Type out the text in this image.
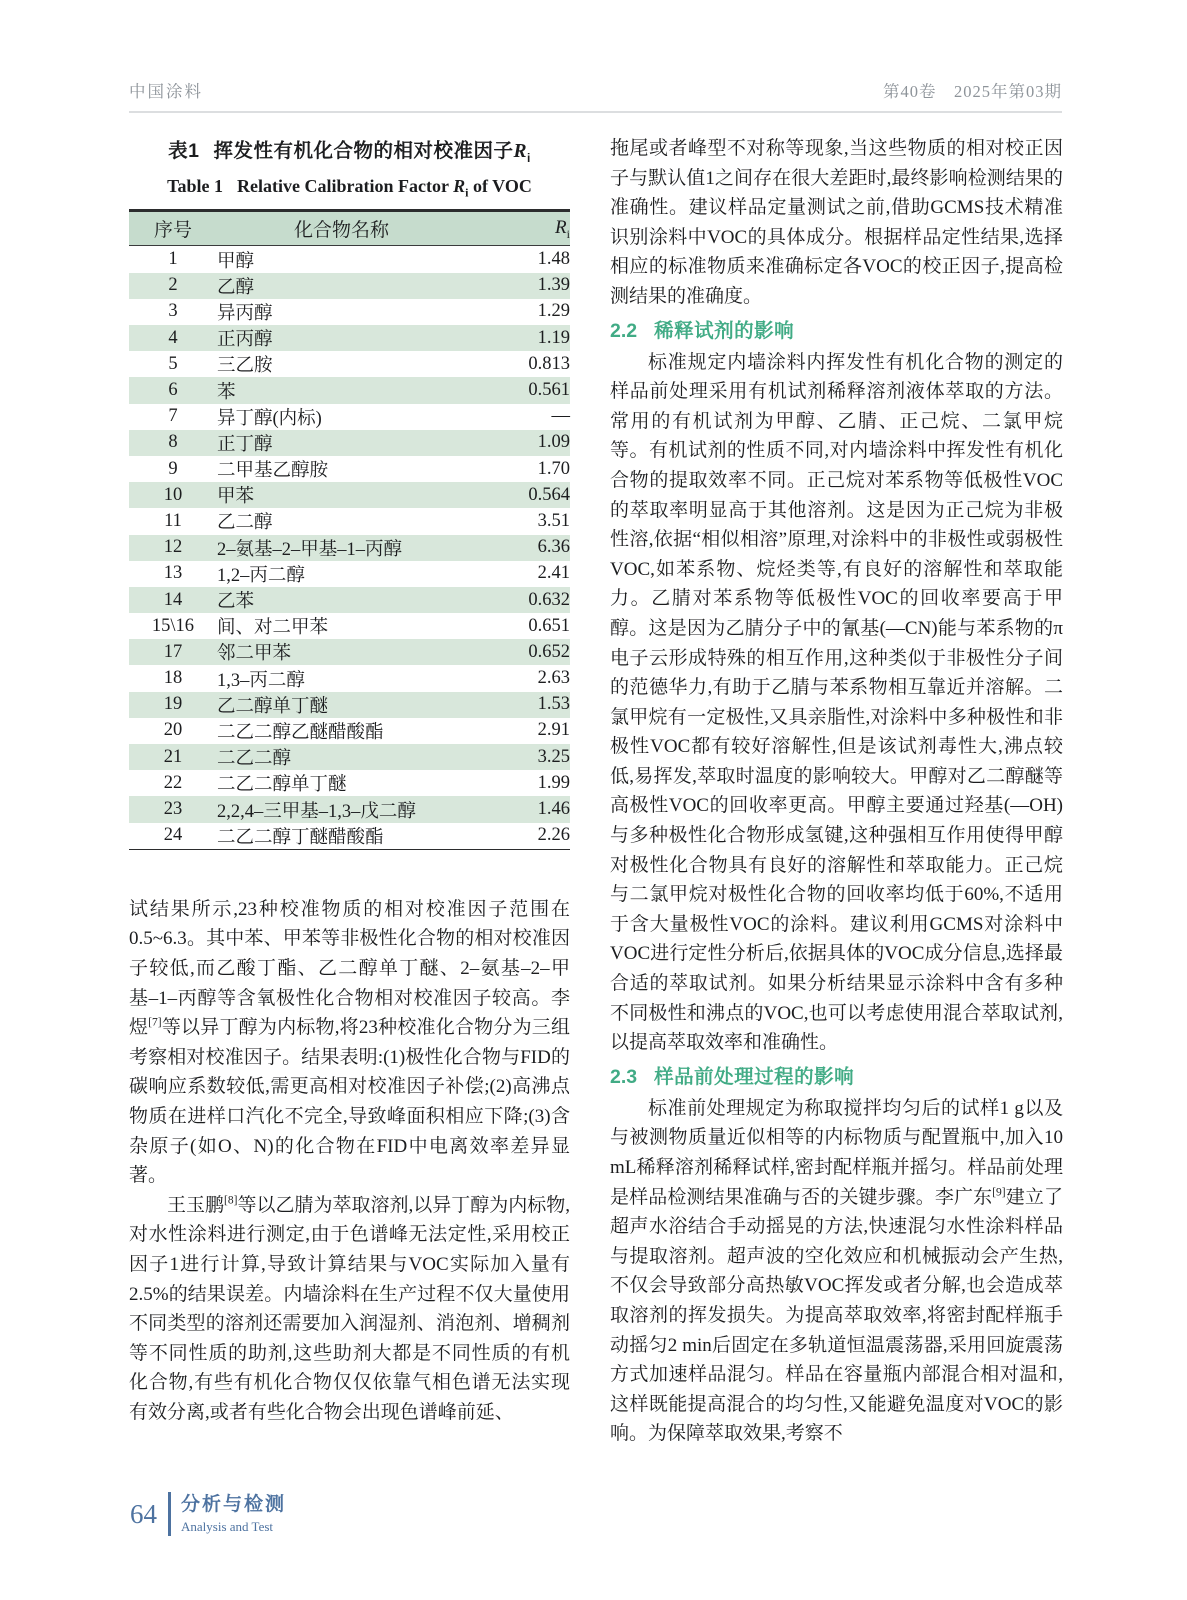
中国涂料	第40卷　2025年第03期
表1 挥发性有机化合物的相对校准因子$R_i$
Table 1 Relative Calibration Factor $R_i$ of VOC
序号	化合物名称	$R_i$
1	甲醇	1.48
2	乙醇	1.39
3	异丙醇	1.29
4	正丙醇	1.19
5	三乙胺	0.813
6	苯	0.561
7	异丁醇(内标)	—
8	正丁醇	1.09
9	二甲基乙醇胺	1.70
10	甲苯	0.564
11	乙二醇	3.51
12	2–氨基–2–甲基–1–丙醇	6.36
13	1,2–丙二醇	2.41
14	乙苯	0.632
15\16	间、对二甲苯	0.651
17	邻二甲苯	0.652
18	1,3–丙二醇	2.63
19	乙二醇单丁醚	1.53
20	二乙二醇乙醚醋酸酯	2.91
21	二乙二醇	3.25
22	二乙二醇单丁醚	1.99
23	2,2,4–三甲基–1,3–戊二醇	1.46
24	二乙二醇丁醚醋酸酯	2.26

试结果所示,23种校准物质的相对校准因子范围在0.5~6.3。其中苯、甲苯等非极性化合物的相对校准因子较低,而乙酸丁酯、乙二醇单丁醚、2–氨基–2–甲基–1–丙醇等含氧极性化合物相对校准因子较高。李煜[7]等以异丁醇为内标物,将23种校准化合物分为三组考察相对校准因子。结果表明:(1)极性化合物与FID的碳响应系数较低,需更高相对校准因子补偿;(2)高沸点物质在进样口汽化不完全,导致峰面积相应下降;(3)含杂原子(如O、N)的化合物在FID中电离效率差异显著。

王玉鹏[8]等以乙腈为萃取溶剂,以异丁醇为内标物,对水性涂料进行测定,由于色谱峰无法定性,采用校正因子1进行计算,导致计算结果与VOC实际加入量有2.5%的结果误差。内墙涂料在生产过程不仅大量使用不同类型的溶剂还需要加入润湿剂、消泡剂、增稠剂等不同性质的助剂,这些助剂大都是不同性质的有机化合物,有些有机化合物仅仅依靠气相色谱无法实现有效分离,或者有些化合物会出现色谱峰前延、

拖尾或者峰型不对称等现象,当这些物质的相对校正因子与默认值1之间存在很大差距时,最终影响检测结果的准确性。建议样品定量测试之前,借助GCMS技术精准识别涂料中VOC的具体成分。根据样品定性结果,选择相应的标准物质来准确标定各VOC的校正因子,提高检测结果的准确度。

2.2 稀释试剂的影响

标准规定内墙涂料内挥发性有机化合物的测定的样品前处理采用有机试剂稀释溶剂液体萃取的方法。常用的有机试剂为甲醇、乙腈、正己烷、二氯甲烷等。有机试剂的性质不同,对内墙涂料中挥发性有机化合物的提取效率不同。正己烷对苯系物等低极性VOC的萃取率明显高于其他溶剂。这是因为正己烷为非极性溶,依据“相似相溶”原理,对涂料中的非极性或弱极性VOC,如苯系物、烷烃类等,有良好的溶解性和萃取能力。乙腈对苯系物等低极性VOC的回收率要高于甲醇。这是因为乙腈分子中的氰基(—CN)能与苯系物的π电子云形成特殊的相互作用,这种类似于非极性分子间的范德华力,有助于乙腈与苯系物相互靠近并溶解。二氯甲烷有一定极性,又具亲脂性,对涂料中多种极性和非极性VOC都有较好溶解性,但是该试剂毒性大,沸点较低,易挥发,萃取时温度的影响较大。甲醇对乙二醇醚等高极性VOC的回收率更高。甲醇主要通过羟基(—OH)与多种极性化合物形成氢键,这种强相互作用使得甲醇对极性化合物具有良好的溶解性和萃取能力。正己烷与二氯甲烷对极性化合物的回收率均低于60%,不适用于含大量极性VOC的涂料。建议利用GCMS对涂料中VOC进行定性分析后,依据具体的VOC成分信息,选择最合适的萃取试剂。如果分析结果显示涂料中含有多种不同极性和沸点的VOC,也可以考虑使用混合萃取试剂,以提高萃取效率和准确性。

2.3 样品前处理过程的影响

标准前处理规定为称取搅拌均匀后的试样1 g以及与被测物质量近似相等的内标物质与配置瓶中,加入10 mL稀释溶剂稀释试样,密封配样瓶并摇匀。样品前处理是样品检测结果准确与否的关键步骤。李广东[9]建立了超声水浴结合手动摇晃的方法,快速混匀水性涂料样品与提取溶剂。超声波的空化效应和机械振动会产生热,不仅会导致部分高热敏VOC挥发或者分解,也会造成萃取溶剂的挥发损失。为提高萃取效率,将密封配样瓶手动摇匀2 min后固定在多轨道恒温震荡器,采用回旋震荡方式加速样品混匀。样品在容量瓶内部混合相对温和,这样既能提高混合的均匀性,又能避免温度对VOC的影响。为保障萃取效果,考察不

64 分析与检测
Analysis and Test
